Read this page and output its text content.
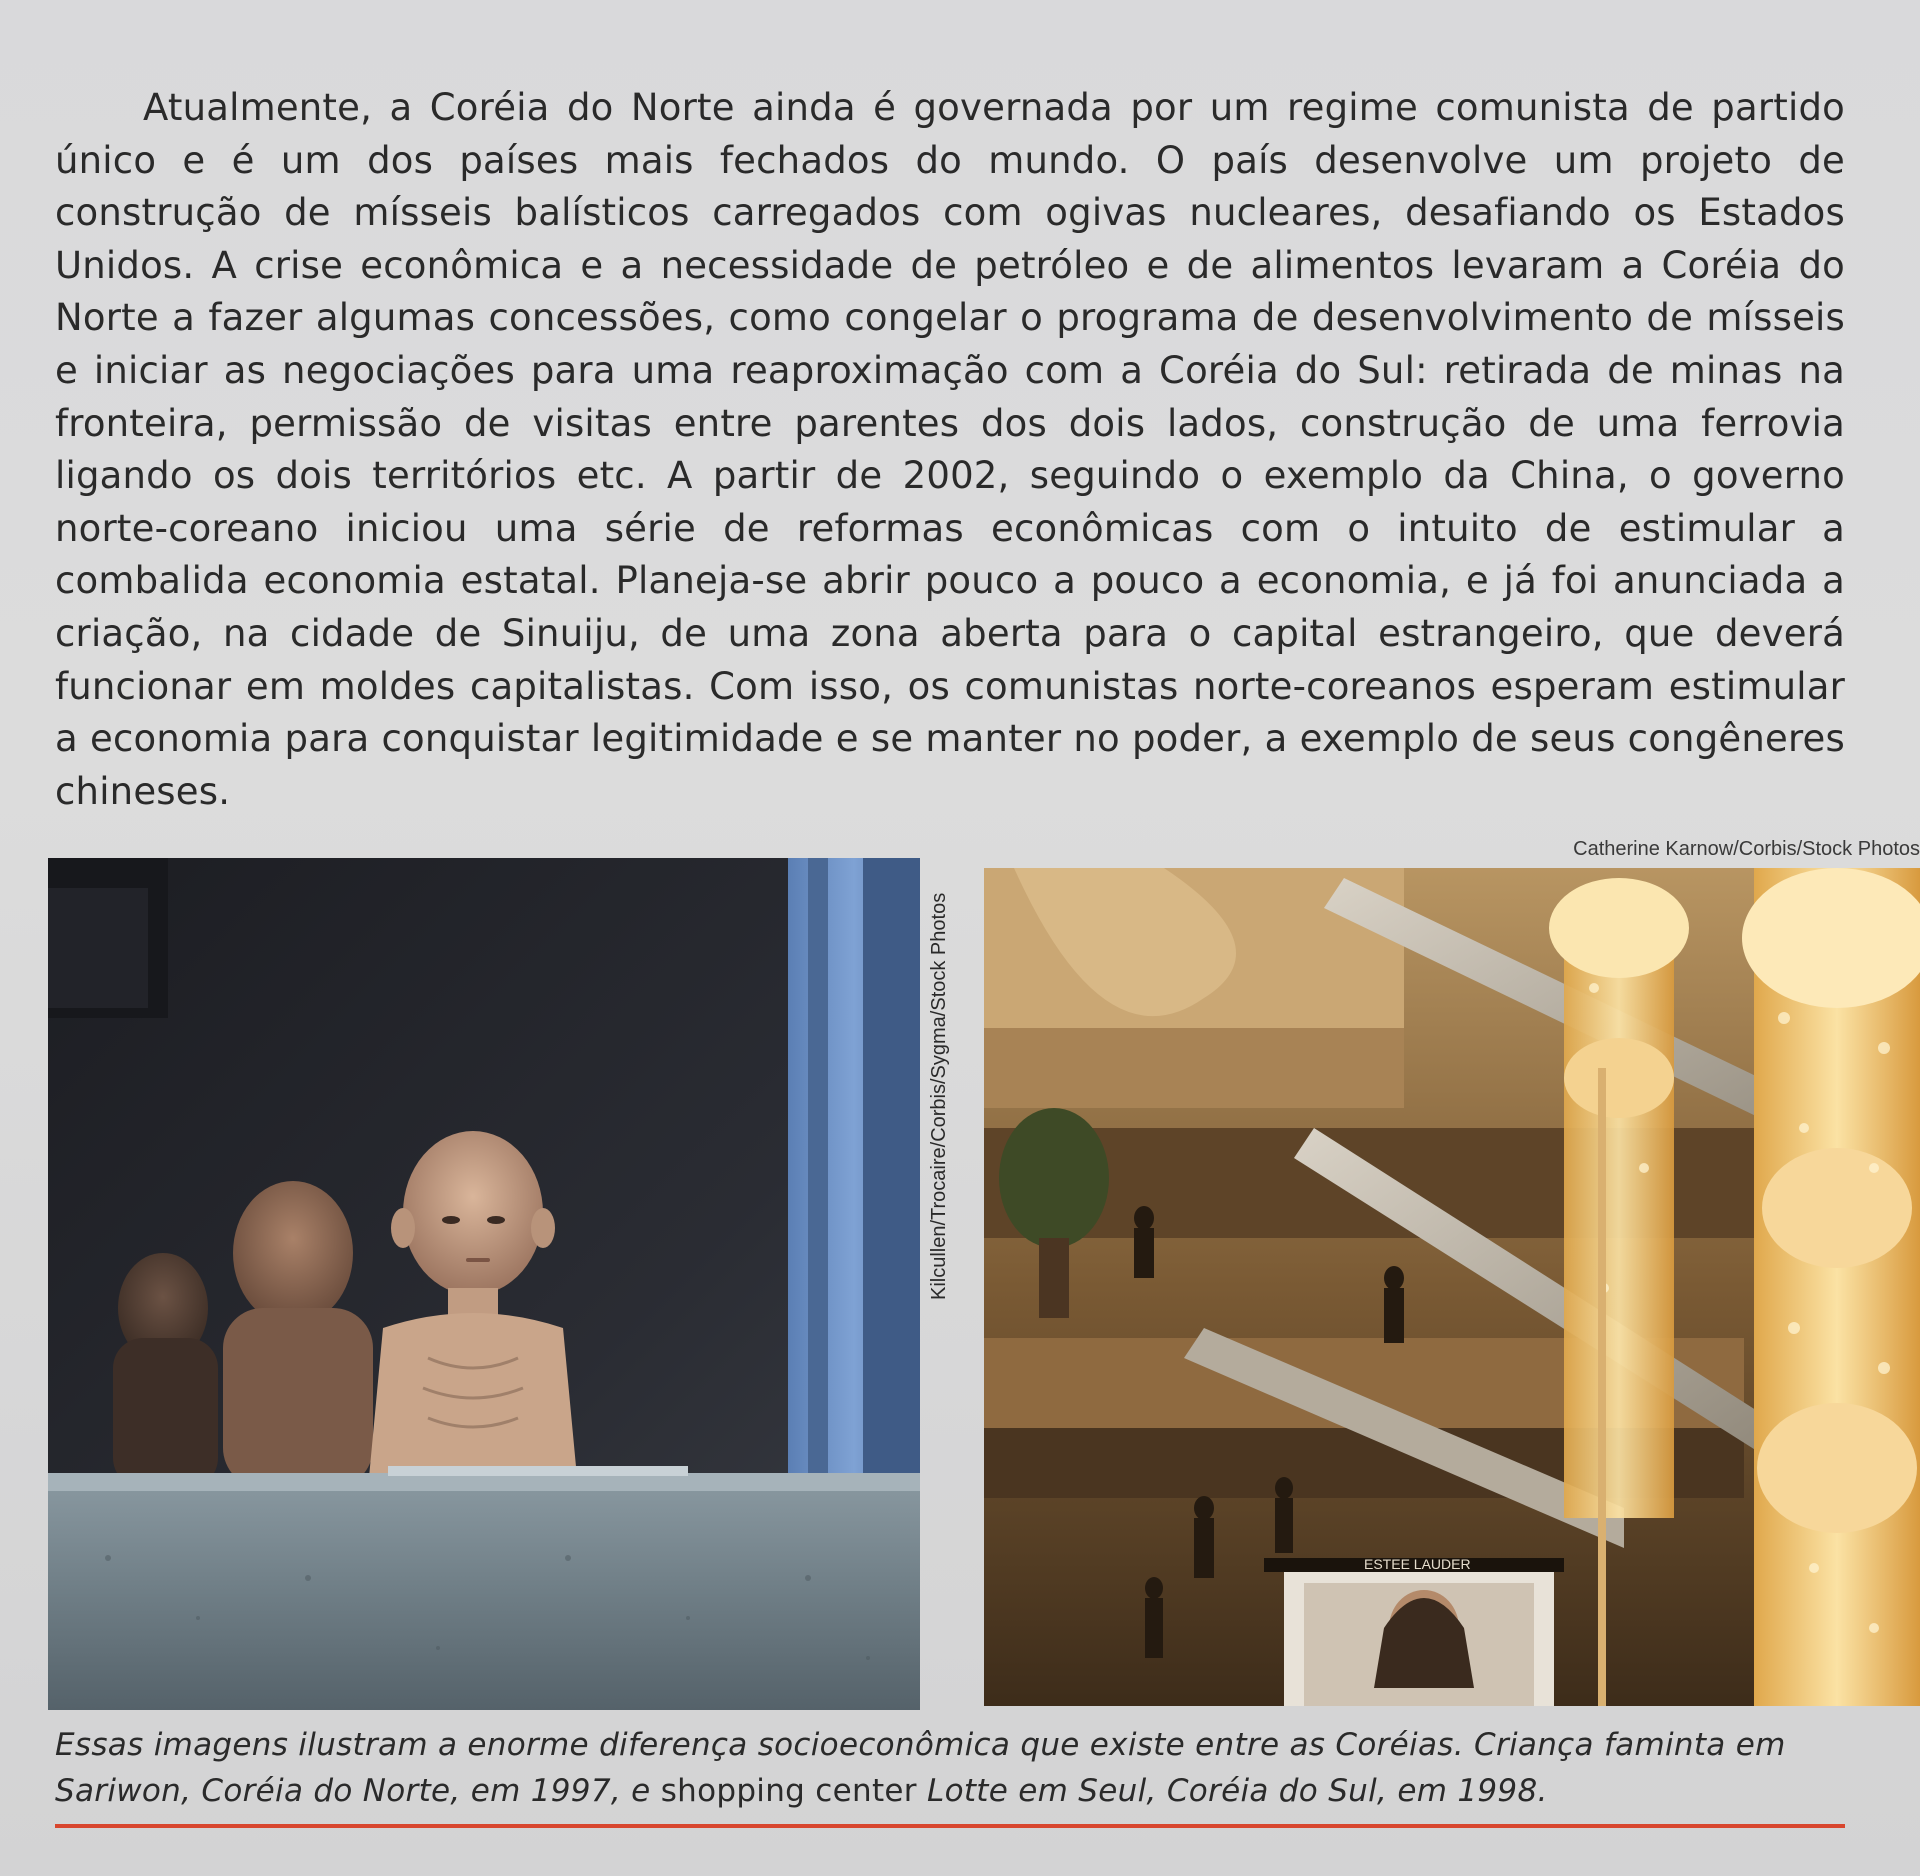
Atualmente, a Coréia do Norte ainda é governada por um regime comunista de partido único e é um dos países mais fechados do mundo. O país desenvolve um projeto de construção de mísseis balísticos carregados com ogivas nucleares, desafiando os Estados Unidos. A crise econômica e a necessidade de petróleo e de alimentos levaram a Coréia do Norte a fazer algumas concessões, como congelar o programa de desenvolvimento de mísseis e iniciar as negociações para uma reaproximação com a Coréia do Sul: retirada de minas na fronteira, permissão de visitas entre parentes dos dois lados, construção de uma ferrovia ligando os dois territórios etc. A partir de 2002, seguindo o exemplo da China, o governo norte-coreano iniciou uma série de reformas econômicas com o intuito de estimular a combalida economia estatal. Planeja-se abrir pouco a pouco a economia, e já foi anunciada a criação, na cidade de Sinuiju, de uma zona aberta para o capital estrangeiro, que deverá funcionar em moldes capitalistas. Com isso, os comunistas norte-coreanos esperam estimular a economia para conquistar legitimidade e se manter no poder, a exemplo de seus congêneres chineses.

Catherine Karnow/Corbis/Stock Photos
Kilcullen/Trocaire/Corbis/Sygma/Stock Photos
ESTEE LAUDER

Essas imagens ilustram a enorme diferença socioeconômica que existe entre as Coréias. Criança faminta em Sariwon, Coréia do Norte, em 1997, e shopping center Lotte em Seul, Coréia do Sul, em 1998.
